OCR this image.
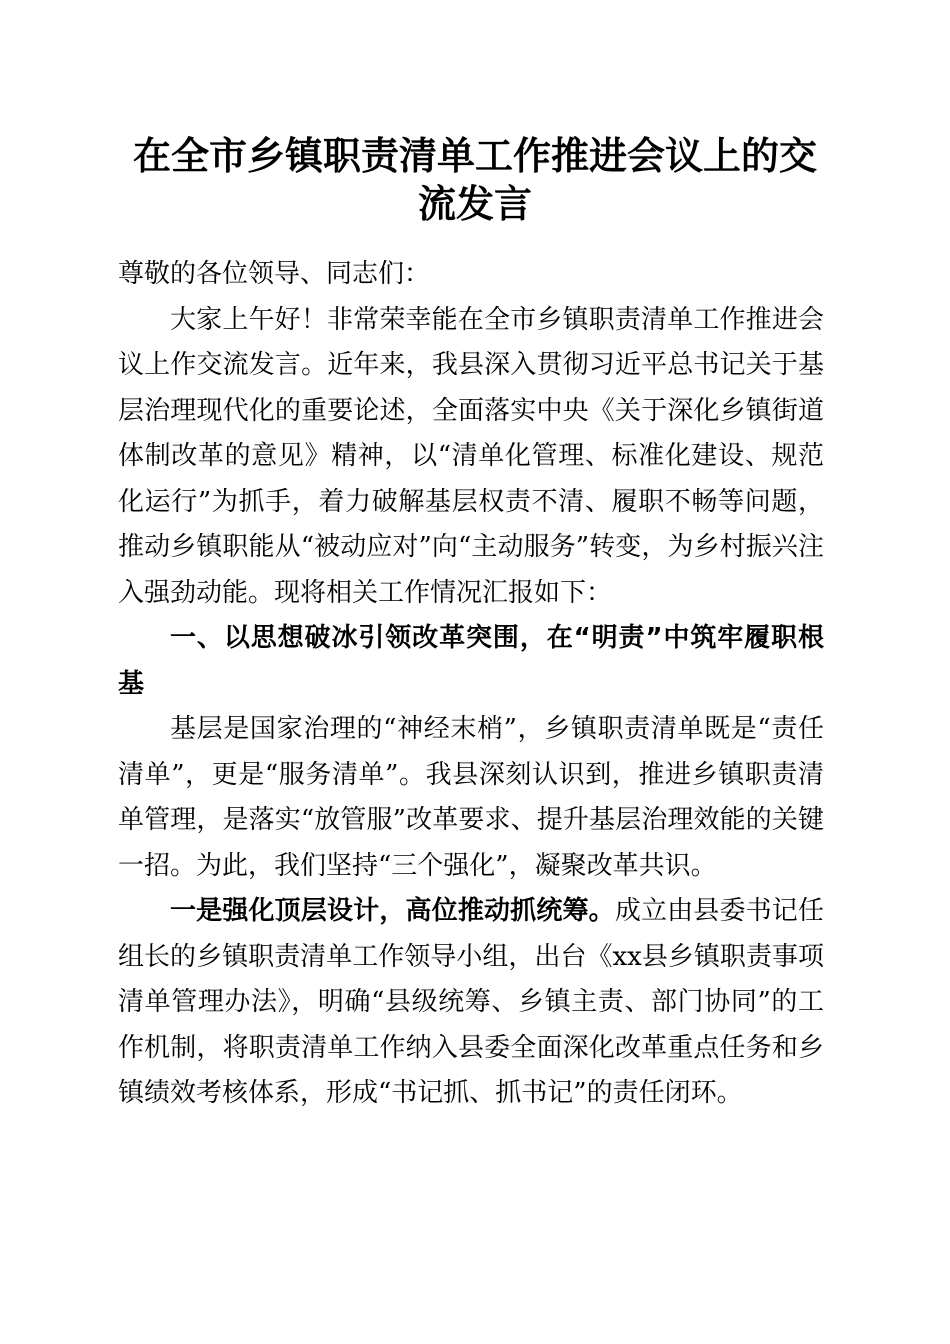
在全市乡镇职责清单工作推进会议上的交流发言

尊敬的各位领导、同志们：

大家上午好！非常荣幸能在全市乡镇职责清单工作推进会议上作交流发言。近年来，我县深入贯彻习近平总书记关于基层治理现代化的重要论述，全面落实中央《关于深化乡镇街道体制改革的意见》精神，以“清单化管理、标准化建设、规范化运行”为抓手，着力破解基层权责不清、履职不畅等问题，推动乡镇职能从“被动应对”向“主动服务”转变，为乡村振兴注入强劲动能。现将相关工作情况汇报如下：

一、以思想破冰引领改革突围，在“明责”中筑牢履职根基

基层是国家治理的“神经末梢”，乡镇职责清单既是“责任清单”，更是“服务清单”。我县深刻认识到，推进乡镇职责清单管理，是落实“放管服”改革要求、提升基层治理效能的关键一招。为此，我们坚持“三个强化”，凝聚改革共识。

一是强化顶层设计，高位推动抓统筹。成立由县委书记任组长的乡镇职责清单工作领导小组，出台《xx县乡镇职责事项清单管理办法》，明确“县级统筹、乡镇主责、部门协同”的工作机制，将职责清单工作纳入县委全面深化改革重点任务和乡镇绩效考核体系，形成“书记抓、抓书记”的责任闭环。
